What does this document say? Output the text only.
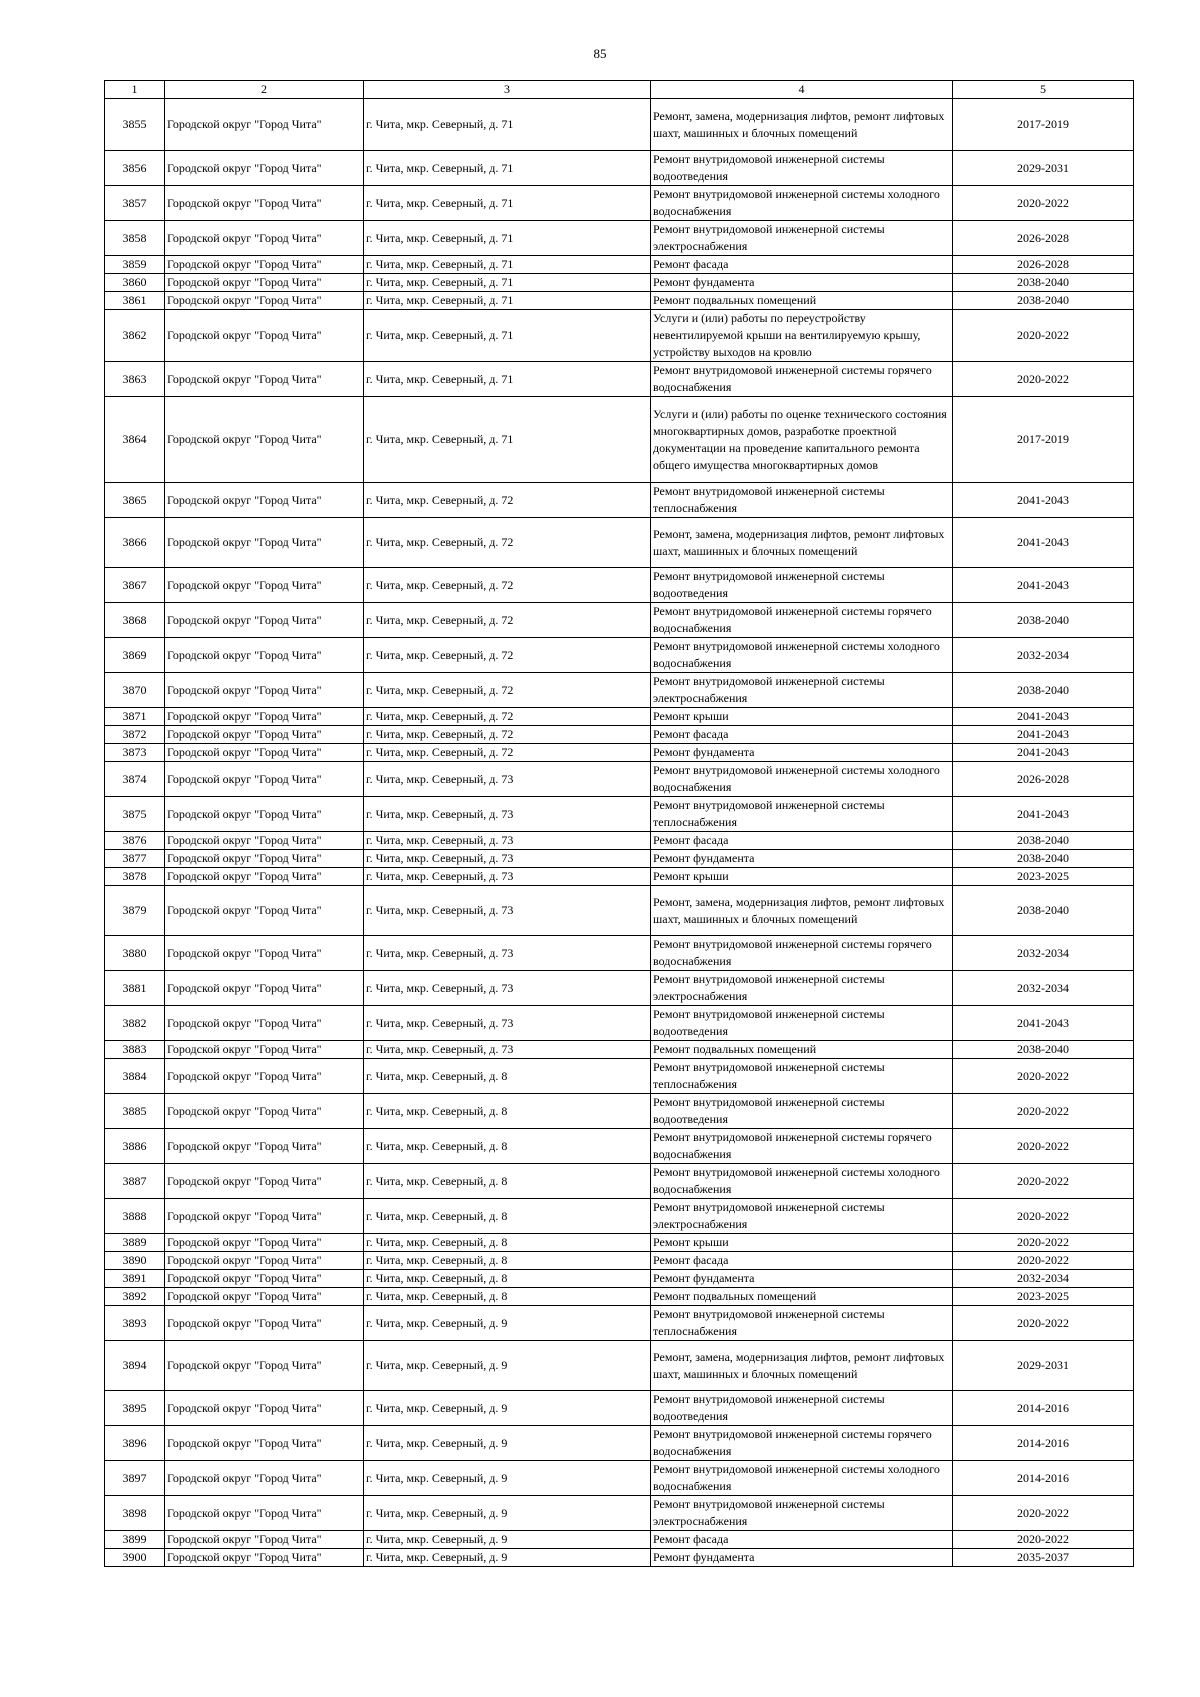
85
1	2	3	4	5
3855	Городской округ "Город Чита"	г. Чита, мкр. Северный, д. 71	Ремонт, замена, модернизация лифтов, ремонт лифтовых шахт, машинных и блочных помещений	2017-2019
3856	Городской округ "Город Чита"	г. Чита, мкр. Северный, д. 71	Ремонт внутридомовой инженерной системы водоотведения	2029-2031
3857	Городской округ "Город Чита"	г. Чита, мкр. Северный, д. 71	Ремонт внутридомовой инженерной системы холодного водоснабжения	2020-2022
3858	Городской округ "Город Чита"	г. Чита, мкр. Северный, д. 71	Ремонт внутридомовой инженерной системы электроснабжения	2026-2028
3859	Городской округ "Город Чита"	г. Чита, мкр. Северный, д. 71	Ремонт фасада	2026-2028
3860	Городской округ "Город Чита"	г. Чита, мкр. Северный, д. 71	Ремонт фундамента	2038-2040
3861	Городской округ "Город Чита"	г. Чита, мкр. Северный, д. 71	Ремонт подвальных помещений	2038-2040
3862	Городской округ "Город Чита"	г. Чита, мкр. Северный, д. 71	Услуги и (или) работы по переустройству невентилируемой крыши на вентилируемую крышу, устройству выходов на кровлю	2020-2022
3863	Городской округ "Город Чита"	г. Чита, мкр. Северный, д. 71	Ремонт внутридомовой инженерной системы горячего водоснабжения	2020-2022
3864	Городской округ "Город Чита"	г. Чита, мкр. Северный, д. 71	Услуги и (или) работы по оценке технического состояния многоквартирных домов, разработке проектной документации на проведение капитального ремонта общего имущества многоквартирных домов	2017-2019
3865	Городской округ "Город Чита"	г. Чита, мкр. Северный, д. 72	Ремонт внутридомовой инженерной системы теплоснабжения	2041-2043
3866	Городской округ "Город Чита"	г. Чита, мкр. Северный, д. 72	Ремонт, замена, модернизация лифтов, ремонт лифтовых шахт, машинных и блочных помещений	2041-2043
3867	Городской округ "Город Чита"	г. Чита, мкр. Северный, д. 72	Ремонт внутридомовой инженерной системы водоотведения	2041-2043
3868	Городской округ "Город Чита"	г. Чита, мкр. Северный, д. 72	Ремонт внутридомовой инженерной системы горячего водоснабжения	2038-2040
3869	Городской округ "Город Чита"	г. Чита, мкр. Северный, д. 72	Ремонт внутридомовой инженерной системы холодного водоснабжения	2032-2034
3870	Городской округ "Город Чита"	г. Чита, мкр. Северный, д. 72	Ремонт внутридомовой инженерной системы электроснабжения	2038-2040
3871	Городской округ "Город Чита"	г. Чита, мкр. Северный, д. 72	Ремонт крыши	2041-2043
3872	Городской округ "Город Чита"	г. Чита, мкр. Северный, д. 72	Ремонт фасада	2041-2043
3873	Городской округ "Город Чита"	г. Чита, мкр. Северный, д. 72	Ремонт фундамента	2041-2043
3874	Городской округ "Город Чита"	г. Чита, мкр. Северный, д. 73	Ремонт внутридомовой инженерной системы холодного водоснабжения	2026-2028
3875	Городской округ "Город Чита"	г. Чита, мкр. Северный, д. 73	Ремонт внутридомовой инженерной системы теплоснабжения	2041-2043
3876	Городской округ "Город Чита"	г. Чита, мкр. Северный, д. 73	Ремонт фасада	2038-2040
3877	Городской округ "Город Чита"	г. Чита, мкр. Северный, д. 73	Ремонт фундамента	2038-2040
3878	Городской округ "Город Чита"	г. Чита, мкр. Северный, д. 73	Ремонт крыши	2023-2025
3879	Городской округ "Город Чита"	г. Чита, мкр. Северный, д. 73	Ремонт, замена, модернизация лифтов, ремонт лифтовых шахт, машинных и блочных помещений	2038-2040
3880	Городской округ "Город Чита"	г. Чита, мкр. Северный, д. 73	Ремонт внутридомовой инженерной системы горячего водоснабжения	2032-2034
3881	Городской округ "Город Чита"	г. Чита, мкр. Северный, д. 73	Ремонт внутридомовой инженерной системы электроснабжения	2032-2034
3882	Городской округ "Город Чита"	г. Чита, мкр. Северный, д. 73	Ремонт внутридомовой инженерной системы водоотведения	2041-2043
3883	Городской округ "Город Чита"	г. Чита, мкр. Северный, д. 73	Ремонт подвальных помещений	2038-2040
3884	Городской округ "Город Чита"	г. Чита, мкр. Северный, д. 8	Ремонт внутридомовой инженерной системы теплоснабжения	2020-2022
3885	Городской округ "Город Чита"	г. Чита, мкр. Северный, д. 8	Ремонт внутридомовой инженерной системы водоотведения	2020-2022
3886	Городской округ "Город Чита"	г. Чита, мкр. Северный, д. 8	Ремонт внутридомовой инженерной системы горячего водоснабжения	2020-2022
3887	Городской округ "Город Чита"	г. Чита, мкр. Северный, д. 8	Ремонт внутридомовой инженерной системы холодного водоснабжения	2020-2022
3888	Городской округ "Город Чита"	г. Чита, мкр. Северный, д. 8	Ремонт внутридомовой инженерной системы электроснабжения	2020-2022
3889	Городской округ "Город Чита"	г. Чита, мкр. Северный, д. 8	Ремонт крыши	2020-2022
3890	Городской округ "Город Чита"	г. Чита, мкр. Северный, д. 8	Ремонт фасада	2020-2022
3891	Городской округ "Город Чита"	г. Чита, мкр. Северный, д. 8	Ремонт фундамента	2032-2034
3892	Городской округ "Город Чита"	г. Чита, мкр. Северный, д. 8	Ремонт подвальных помещений	2023-2025
3893	Городской округ "Город Чита"	г. Чита, мкр. Северный, д. 9	Ремонт внутридомовой инженерной системы теплоснабжения	2020-2022
3894	Городской округ "Город Чита"	г. Чита, мкр. Северный, д. 9	Ремонт, замена, модернизация лифтов, ремонт лифтовых шахт, машинных и блочных помещений	2029-2031
3895	Городской округ "Город Чита"	г. Чита, мкр. Северный, д. 9	Ремонт внутридомовой инженерной системы водоотведения	2014-2016
3896	Городской округ "Город Чита"	г. Чита, мкр. Северный, д. 9	Ремонт внутридомовой инженерной системы горячего водоснабжения	2014-2016
3897	Городской округ "Город Чита"	г. Чита, мкр. Северный, д. 9	Ремонт внутридомовой инженерной системы холодного водоснабжения	2014-2016
3898	Городской округ "Город Чита"	г. Чита, мкр. Северный, д. 9	Ремонт внутридомовой инженерной системы электроснабжения	2020-2022
3899	Городской округ "Город Чита"	г. Чита, мкр. Северный, д. 9	Ремонт фасада	2020-2022
3900	Городской округ "Город Чита"	г. Чита, мкр. Северный, д. 9	Ремонт фундамента	2035-2037
